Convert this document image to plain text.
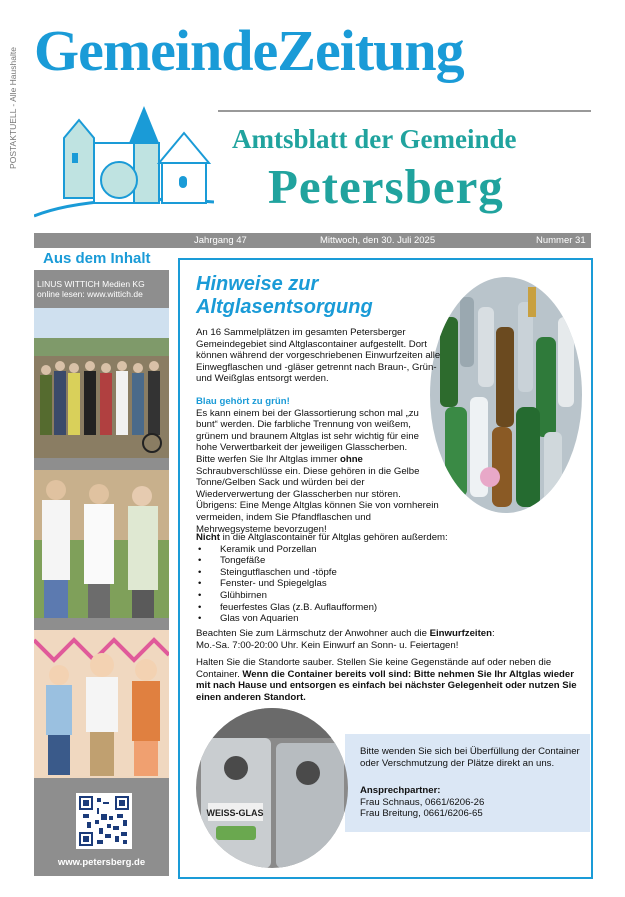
POSTAKTUELL - Alle Haushalte GemeindeZeitung
Amtsblatt der Gemeinde
Petersberg
Jahrgang 47	Mittwoch, den 30. Juli 2025	Nummer 31
Aus dem Inhalt
LINUS WITTICH Medien KG
online lesen: www.wittich.de
www.petersberg.de
Hinweise zur
Altglasentsorgung
An 16 Sammelplätzen im gesamten Petersberger Gemeindegebiet sind Altglascontainer aufgestellt. Dort können während der vorgeschriebenen Einwurfzeiten alle Einwegflaschen und -gläser getrennt nach Braun-, Grün- und Weißglas entsorgt werden.
Blau gehört zu grün!
Es kann einem bei der Glassortierung schon mal „zu bunt“ werden. Die farbliche Trennung von weißem, grünem und braunem Altglas ist sehr wichtig für eine hohe Verwertbarkeit der jeweiligen Glasscherben.
Bitte werfen Sie Ihr Altglas immer ohne Schraubverschlüsse ein. Diese gehören in die Gelbe Tonne/Gelben Sack und würden bei der Wiederverwertung der Glasscherben nur stören.
Übrigens: Eine Menge Altglas können Sie von vornherein vermeiden, indem Sie Pfandflaschen und Mehrwegsysteme bevorzugen!
Nicht in die Altglascontainer für Altglas gehören außerdem:
• Keramik und Porzellan
• Tongefäße
• Steingutflaschen und -töpfe
• Fenster- und Spiegelglas
• Glühbirnen
• feuerfestes Glas (z.B. Auflaufformen)
• Glas von Aquarien
Beachten Sie zum Lärmschutz der Anwohner auch die Einwurfzeiten:
Mo.-Sa. 7:00-20:00 Uhr. Kein Einwurf an Sonn- u. Feiertagen!
Halten Sie die Standorte sauber. Stellen Sie keine Gegenstände auf oder neben die Container. Wenn die Container bereits voll sind: Bitte nehmen Sie Ihr Altglas wieder mit nach Hause und entsorgen es einfach bei nächster Gelegenheit oder nutzen Sie einen anderen Standort.
Bitte wenden Sie sich bei Überfüllung der Container oder Verschmutzung der Plätze direkt an uns.
Ansprechpartner:
Frau Schnaus, 0661/6206-26
Frau Breitung, 0661/6206-65
WEISS-GLAS
